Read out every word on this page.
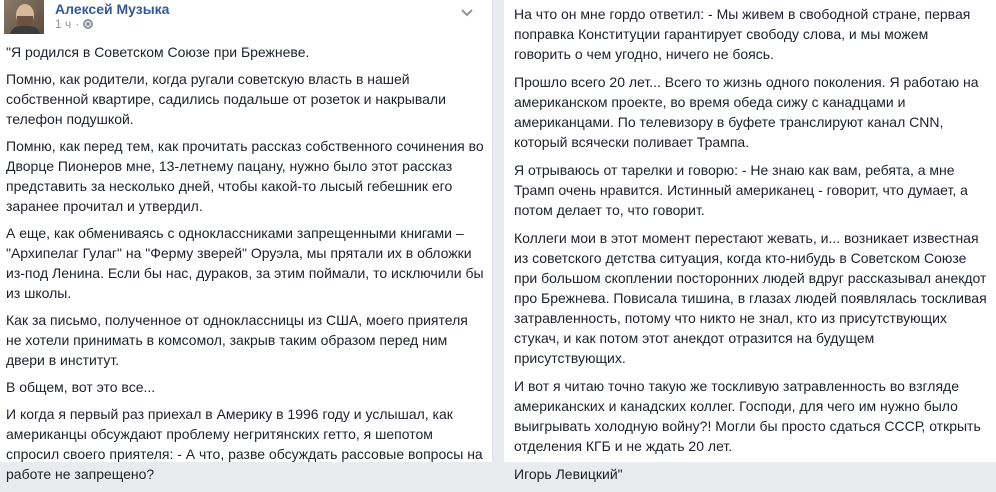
Алексей Музыка
1 ч ·

"Я родился в Советском Союзе при Брежневе.

Помню, как родители, когда ругали советскую власть в нашей собственной квартире, садились подальше от розеток и накрывали телефон подушкой.

Помню, как перед тем, как прочитать рассказ собственного сочинения во Дворце Пионеров мне, 13-летнему пацану, нужно было этот рассказ представить за несколько дней, чтобы какой-то лысый гебешник его заранее прочитал и утвердил.

А еще, как обмениваясь с одноклассниками запрещенными книгами – "Архипелаг Гулаг" на "Ферму зверей" Оруэла, мы прятали их в обложки из-под Ленина. Если бы нас, дураков, за этим поймали, то исключили бы из школы.

Как за письмо, полученное от одноклассницы из США, моего приятеля не хотели принимать в комсомол, закрыв таким образом перед ним двери в институт.

В общем, вот это все...

И когда я первый раз приехал в Америку в 1996 году и услышал, как американцы обсуждают проблему негритянских гетто, я шепотом спросил своего приятеля: - А что, разве обсуждать рассовые вопросы на работе не запрещено?

На что он мне гордо ответил: - Мы живем в свободной стране, первая поправка Конституции гарантирует свободу слова, и мы можем говорить о чем угодно, ничего не боясь.

Прошло всего 20 лет... Всего то жизнь одного поколения. Я работаю на американском проекте, во время обеда сижу с канадцами и американцами. По телевизору в буфете транслируют канал CNN, который всячески поливает Трампа.

Я отрываюсь от тарелки и говорю: - Не знаю как вам, ребята, а мне Трамп очень нравится. Истинный американец - говорит, что думает, а потом делает то, что говорит.

Коллеги мои в этот момент перестают жевать, и... возникает известная из советского детства ситуация, когда кто-нибудь в Советском Союзе при большом скоплении посторонних людей вдруг рассказывал анекдот про Брежнева. Повисала тишина, в глазах людей появлялась тоскливая затравленность, потому что никто не знал, кто из присутствующих стукач, и как потом этот анекдот отразится на будущем присутствующих.

И вот я читаю точно такую же тоскливую затравленность во взгляде американских и канадских коллег. Господи, для чего им нужно было выигрывать холодную войну?! Могли бы просто сдаться СССР, открыть отделения КГБ и не ждать 20 лет.

Игорь Левицкий"
